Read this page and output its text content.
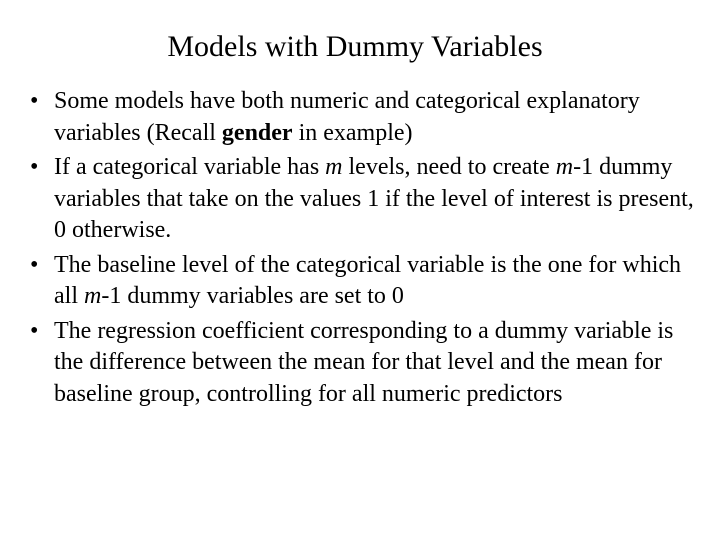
Models with Dummy Variables
• Some models have both numeric and categorical explanatory variables (Recall gender in example)
• If a categorical variable has m levels, need to create m-1 dummy variables that take on the values 1 if the level of interest is present, 0 otherwise.
• The baseline level of the categorical variable is the one for which all m-1 dummy variables are set to 0
• The regression coefficient corresponding to a dummy variable is the difference between the mean for that level and the mean for baseline group, controlling for all numeric predictors
